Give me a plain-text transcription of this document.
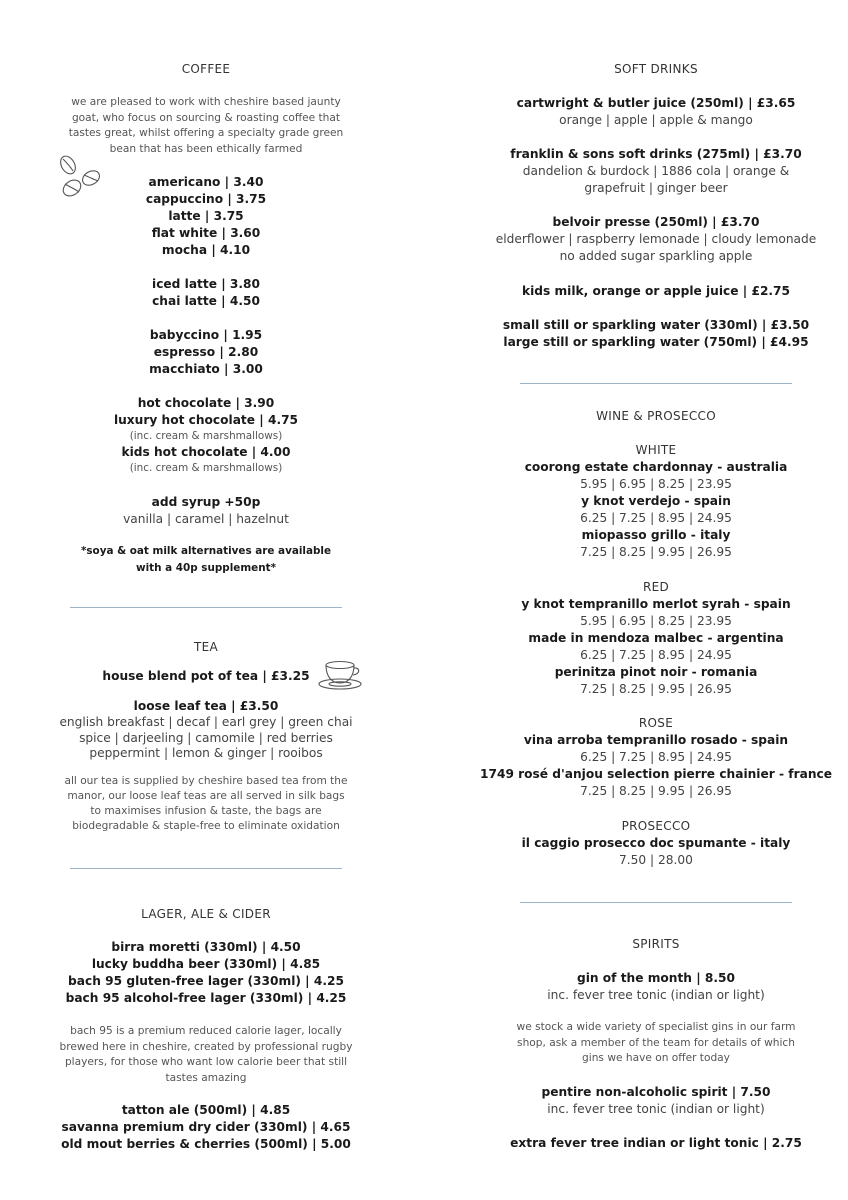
COFFEE
we are pleased to work with cheshire based jaunty
goat, who focus on sourcing & roasting coffee that
tastes great, whilst offering a specialty grade green
bean that has been ethically farmed
americano | 3.40
cappuccino | 3.75
latte | 3.75
flat white | 3.60
mocha | 4.10
iced latte | 3.80
chai latte | 4.50
babyccino | 1.95
espresso | 2.80
macchiato | 3.00
hot chocolate | 3.90
luxury hot chocolate | 4.75
(inc. cream & marshmallows)
kids hot chocolate | 4.00
(inc. cream & marshmallows)
add syrup +50p
vanilla | caramel | hazelnut
*soya & oat milk alternatives are available
with a 40p supplement*
TEA
house blend pot of tea | £3.25
loose leaf tea | £3.50
english breakfast | decaf | earl grey | green chai
spice | darjeeling | camomile | red berries
peppermint | lemon & ginger | rooibos
all our tea is supplied by cheshire based tea from the
manor, our loose leaf teas are all served in silk bags
to maximises infusion & taste, the bags are
biodegradable & staple-free to eliminate oxidation
LAGER, ALE & CIDER
birra moretti (330ml) | 4.50
lucky buddha beer (330ml) | 4.85
bach 95 gluten-free lager (330ml) | 4.25
bach 95 alcohol-free lager (330ml) | 4.25
bach 95 is a premium reduced calorie lager, locally
brewed here in cheshire, created by professional rugby
players, for those who want low calorie beer that still
tastes amazing
tatton ale (500ml) | 4.85
savanna premium dry cider (330ml) | 4.65
old mout berries & cherries (500ml) | 5.00
SOFT DRINKS
cartwright & butler juice (250ml) | £3.65
orange | apple | apple & mango
franklin & sons soft drinks (275ml) | £3.70
dandelion & burdock | 1886 cola | orange &
grapefruit | ginger beer
belvoir presse (250ml) | £3.70
elderflower | raspberry lemonade | cloudy lemonade
no added sugar sparkling apple
kids milk, orange or apple juice | £2.75
small still or sparkling water (330ml) | £3.50
large still or sparkling water (750ml) | £4.95
WINE & PROSECCO
WHITE
coorong estate chardonnay - australia
5.95 | 6.95 | 8.25 | 23.95
y knot verdejo - spain
6.25 | 7.25 | 8.95 | 24.95
miopasso grillo - italy
7.25 | 8.25 | 9.95 | 26.95
RED
y knot tempranillo merlot syrah - spain
5.95 | 6.95 | 8.25 | 23.95
made in mendoza malbec - argentina
6.25 | 7.25 | 8.95 | 24.95
perinitza pinot noir - romania
7.25 | 8.25 | 9.95 | 26.95
ROSE
vina arroba tempranillo rosado - spain
6.25 | 7.25 | 8.95 | 24.95
1749 rosé d'anjou selection pierre chainier - france
7.25 | 8.25 | 9.95 | 26.95
PROSECCO
il caggio prosecco doc spumante - italy
7.50 | 28.00
SPIRITS
gin of the month | 8.50
inc. fever tree tonic (indian or light)
we stock a wide variety of specialist gins in our farm
shop, ask a member of the team for details of which
gins we have on offer today
pentire non-alcoholic spirit | 7.50
inc. fever tree tonic (indian or light)
extra fever tree indian or light tonic | 2.75
